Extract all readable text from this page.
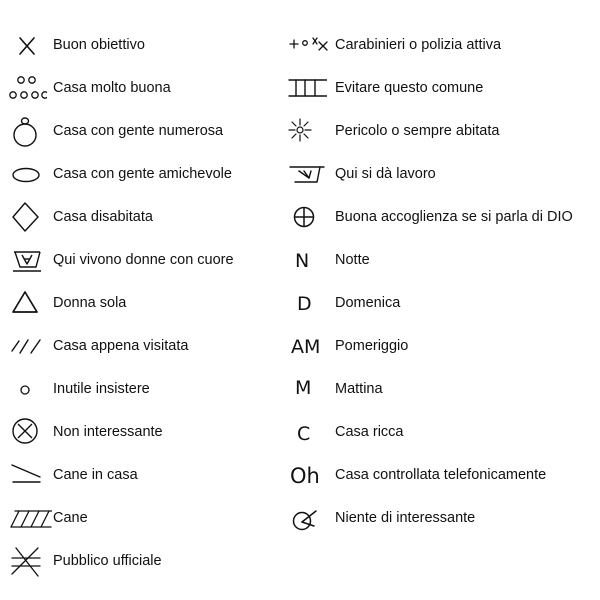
Buon obiettivo
Casa molto buona
Casa con gente numerosa
Casa con gente amichevole
Casa disabitata
Qui vivono donne con cuore
Donna sola
Casa appena visitata
Inutile insistere
Non interessante
Cane in casa
Cane
Pubblico ufficiale
Carabinieri o polizia attiva
Evitare questo comune
Pericolo o sempre abitata
Qui si dà lavoro
Buona accoglienza se si parla di DIO
N Notte
D Domenica
AM Pomeriggio
M Mattina
C Casa ricca
Oh Casa controllata telefonicamente
Niente di interessante
